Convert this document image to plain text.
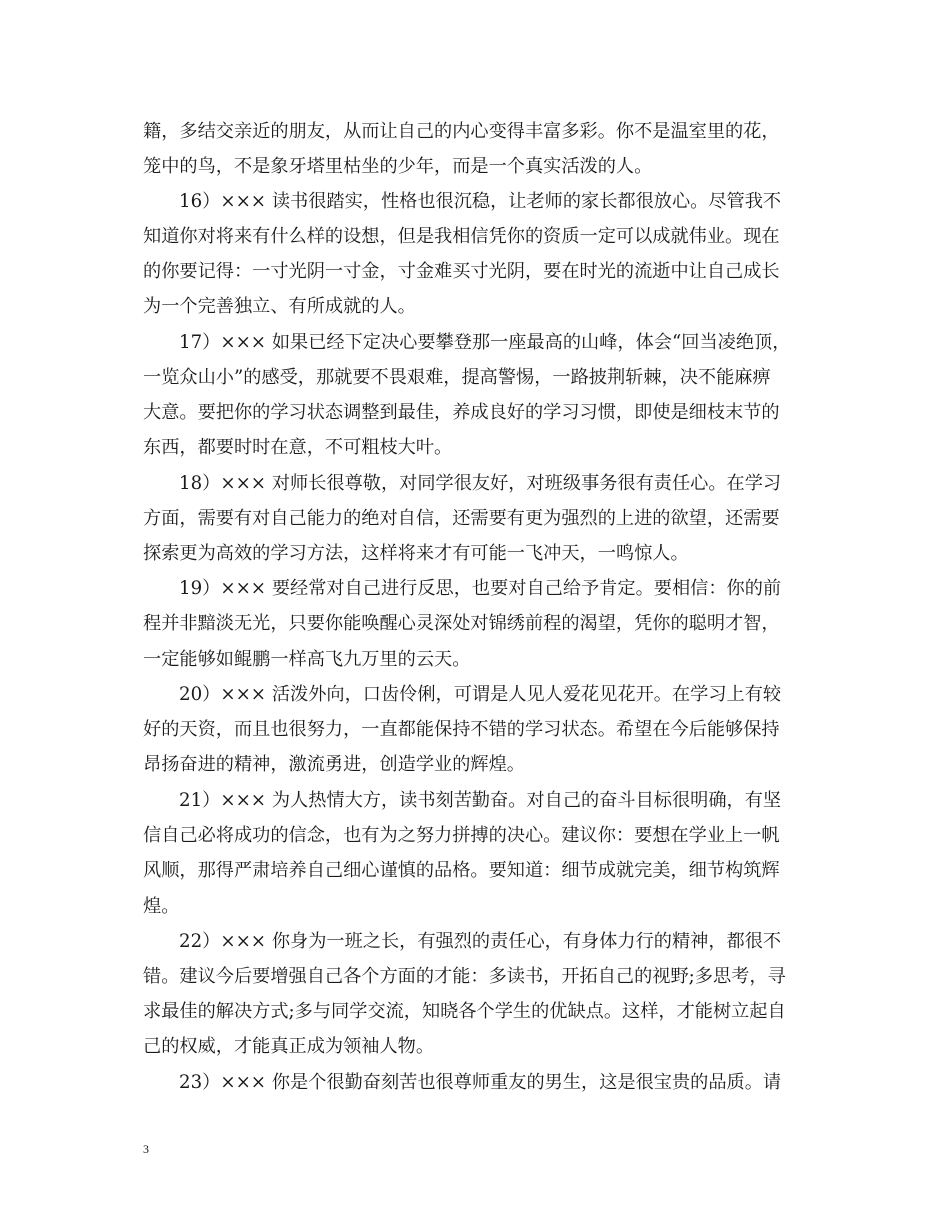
籍，多结交亲近的朋友，从而让自己的内心变得丰富多彩。你不是温室里的花，

笼中的鸟，不是象牙塔里枯坐的少年，而是一个真实活泼的人。

16）××× 读书很踏实，性格也很沉稳，让老师的家长都很放心。尽管我不

知道你对将来有什么样的设想，但是我相信凭你的资质一定可以成就伟业。现在

的你要记得：一寸光阴一寸金，寸金难买寸光阴，要在时光的流逝中让自己成长

为一个完善独立、有所成就的人。

17）××× 如果已经下定决心要攀登那一座最高的山峰，体会“回当凌绝顶，

一览众山小”的感受，那就要不畏艰难，提高警惕，一路披荆斩棘，决不能麻痹

大意。要把你的学习状态调整到最佳，养成良好的学习习惯，即使是细枝末节的

东西，都要时时在意，不可粗枝大叶。

18）××× 对师长很尊敬，对同学很友好，对班级事务很有责任心。在学习

方面，需要有对自己能力的绝对自信，还需要有更为强烈的上进的欲望，还需要

探索更为高效的学习方法，这样将来才有可能一飞冲天，一鸣惊人。

19）××× 要经常对自己进行反思，也要对自己给予肯定。要相信：你的前

程并非黯淡无光，只要你能唤醒心灵深处对锦绣前程的渴望，凭你的聪明才智，

一定能够如鲲鹏一样高飞九万里的云天。

20）××× 活泼外向，口齿伶俐，可谓是人见人爱花见花开。在学习上有较

好的天资，而且也很努力，一直都能保持不错的学习状态。希望在今后能够保持

昂扬奋进的精神，激流勇进，创造学业的辉煌。

21）××× 为人热情大方，读书刻苦勤奋。对自己的奋斗目标很明确，有坚

信自己必将成功的信念，也有为之努力拼搏的决心。建议你：要想在学业上一帆

风顺，那得严肃培养自己细心谨慎的品格。要知道：细节成就完美，细节构筑辉

煌。

22）××× 你身为一班之长，有强烈的责任心，有身体力行的精神，都很不

错。建议今后要增强自己各个方面的才能：多读书，开拓自己的视野;多思考，寻

求最佳的解决方式;多与同学交流，知晓各个学生的优缺点。这样，才能树立起自

己的权威，才能真正成为领袖人物。

23）××× 你是个很勤奋刻苦也很尊师重友的男生，这是很宝贵的品质。请

3
